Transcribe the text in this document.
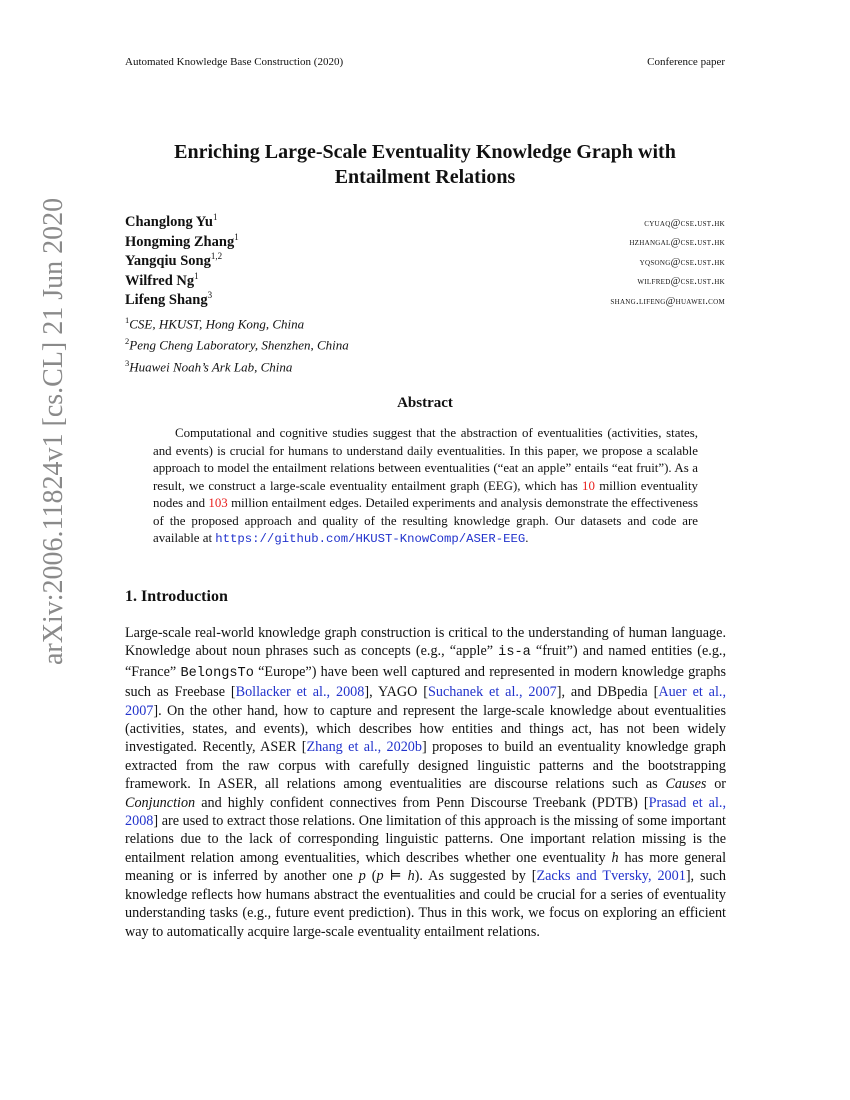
Automated Knowledge Base Construction (2020)	Conference paper
arXiv:2006.11824v1 [cs.CL] 21 Jun 2020
Enriching Large-Scale Eventuality Knowledge Graph with
Entailment Relations
Changlong Yu$^1$
cyuaq@cse.ust.hk
Hongming Zhang$^1$
hzhangal@cse.ust.hk
Yangqiu Song$^{1,2}$
yqsong@cse.ust.hk
Wilfred Ng$^1$
wilfred@cse.ust.hk
Lifeng Shang$^3$
shang.lifeng@huawei.com
$^1$CSE, HKUST, Hong Kong, China
$^2$Peng Cheng Laboratory, Shenzhen, China
$^3$Huawei Noah’s Ark Lab, China
Abstract

Computational and cognitive studies suggest that the abstraction of eventualities (activities, states, and events) is crucial for humans to understand daily eventualities. In this paper, we propose a scalable approach to model the entailment relations between eventualities (“eat an apple” entails “eat fruit”). As a result, we construct a large-scale eventuality entailment graph (EEG), which has 10 million eventuality nodes and 103 million entailment edges. Detailed experiments and analysis demonstrate the effectiveness of the proposed approach and quality of the resulting knowledge graph. Our datasets and code are available at https://github.com/HKUST-KnowComp/ASER-EEG.

1. Introduction

Large-scale real-world knowledge graph construction is critical to the understanding of human language. Knowledge about noun phrases such as concepts (e.g., “apple” is-a “fruit”) and named entities (e.g., “France” BelongsTo “Europe”) have been well captured and represented in modern knowledge graphs such as Freebase [Bollacker et al., 2008], YAGO [Suchanek et al., 2007], and DBpedia [Auer et al., 2007]. On the other hand, how to capture and represent the large-scale knowledge about eventualities (activities, states, and events), which describes how entities and things act, has not been widely investigated. Recently, ASER [Zhang et al., 2020b] proposes to build an eventuality knowledge graph extracted from the raw corpus with carefully designed linguistic patterns and the bootstrapping framework. In ASER, all relations among eventualities are discourse relations such as Causes or Conjunction and highly confident connectives from Penn Discourse Treebank (PDTB) [Prasad et al., 2008] are used to extract those relations. One limitation of this approach is the missing of some important relations due to the lack of corresponding linguistic patterns. One important relation missing is the entailment relation among eventualities, which describes whether one eventuality h has more general meaning or is inferred by another one p (p ⊨ h). As suggested by [Zacks and Tversky, 2001], such knowledge reflects how humans abstract the eventualities and could be crucial for a series of eventuality understanding tasks (e.g., future event prediction). Thus in this work, we focus on exploring an efficient way to automatically acquire large-scale eventuality entailment relations.
